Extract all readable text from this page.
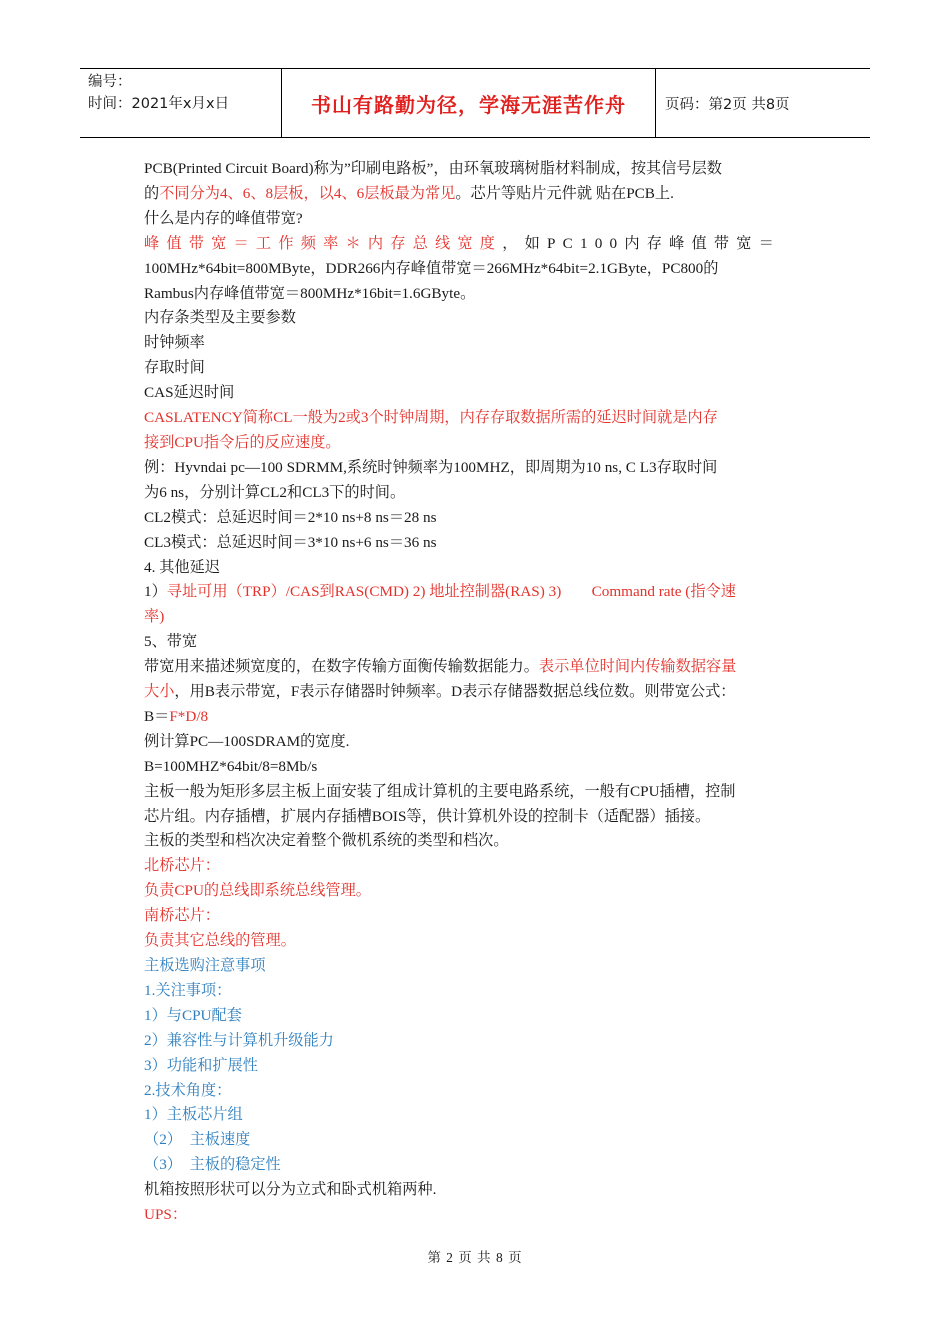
编号：
时间：2021年x月x日	书山有路勤为径，学海无涯苦作舟	页码：第2页 共8页

PCB(Printed Circuit Board)称为”印刷电路板”，由环氧玻璃树脂材料制成，按其信号层数

的不同分为4、6、8层板，以4、6层板最为常见。芯片等贴片元件就 贴在PCB上.

什么是内存的峰值带宽?

峰值带宽＝工作频率＊内存总线宽度，如PC100内存峰值带宽＝

100MHz*64bit=800MByte，DDR266内存峰值带宽＝266MHz*64bit=2.1GByte，PC800的

Rambus内存峰值带宽＝800MHz*16bit=1.6GByte。

内存条类型及主要参数

时钟频率

存取时间

CAS延迟时间

CASLATENCY简称CL一般为2或3个时钟周期，内存存取数据所需的延迟时间就是内存

接到CPU指令后的反应速度。

例：Hyvndai pc—100 SDRMM,系统时钟频率为100MHZ，即周期为10 ns, C L3存取时间

为6 ns，分别计算CL2和CL3下的时间。

CL2模式：总延迟时间＝2*10 ns+8 ns＝28 ns

CL3模式：总延迟时间＝3*10 ns+6 ns＝36 ns

4. 其他延迟

1）寻址可用（TRP）/CAS到RAS(CMD) 2) 地址控制器(RAS) 3)        Command rate (指令速

率)

5、带宽

带宽用来描述频宽度的，在数字传输方面衡传输数据能力。表示单位时间内传输数据容量

大小，用B表示带宽，F表示存储器时钟频率。D表示存储器数据总线位数。则带宽公式：

B＝F*D/8

例计算PC—100SDRAM的宽度.

B=100MHZ*64bit/8=8Mb/s

主板一般为矩形多层主板上面安装了组成计算机的主要电路系统，一般有CPU插槽，控制

芯片组。内存插槽，扩展内存插槽BOIS等，供计算机外设的控制卡（适配器）插接。

主板的类型和档次决定着整个微机系统的类型和档次。

北桥芯片：

负责CPU的总线即系统总线管理。

南桥芯片：

负责其它总线的管理。

主板选购注意事项

1.关注事项：

1）与CPU配套

2）兼容性与计算机升级能力

3）功能和扩展性

2.技术角度：

1）主板芯片组

（2）  主板速度

（3）  主板的稳定性

机箱按照形状可以分为立式和卧式机箱两种.

UPS：

第 2 页 共 8 页
